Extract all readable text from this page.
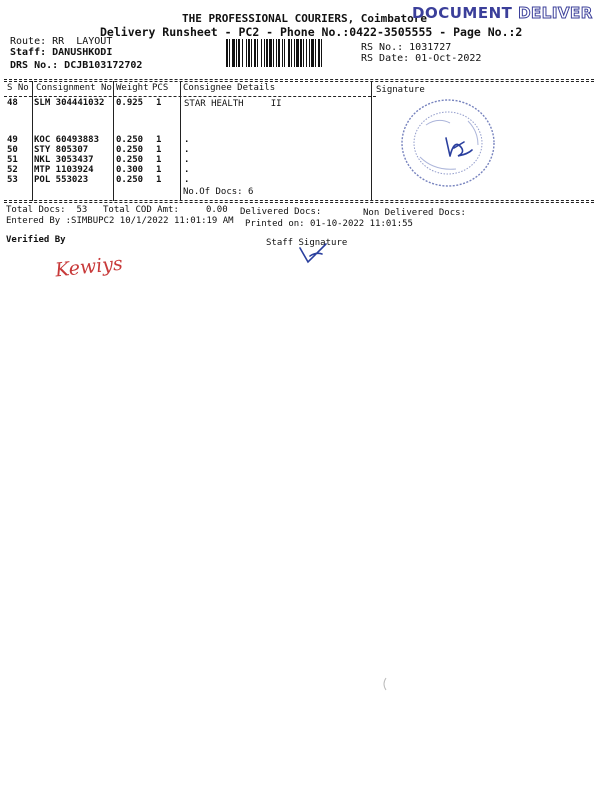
THE PROFESSIONAL COURIERS, Coimbatore
Delivery Runsheet - PC2 - Phone No.:0422-3505555 - Page No.:2
Route: RR  LAYOUT
Staff: DANUSHKODI
DRS No.: DCJB103172702
RS No.: 1031727
RS Date: 01-Oct-2022
DOCUMENT DELIVER
S No Consignment No Weight PCS Consignee Details	Signature
48 SLM 304441032 0.925 1	STAR HEALTH     II
49 KOC 60493883 0.250 1	.
50 STY 805307	0.250 1	.
51 NKL 3053437 0.250 1	.
52 MTP 1103924 0.300 1	.
53 POL 553023	0.250 1	.
No.Of Docs: 6
Total Docs:  53 Total COD Amt:     0.00 Delivered Docs:	Non Delivered Docs:
Entered By :SIMBUPC2 10/1/2022 11:01:19 AM Printed on: 01-10-2022 11:01:55
Verified By	Staff Signature
Kewiys
